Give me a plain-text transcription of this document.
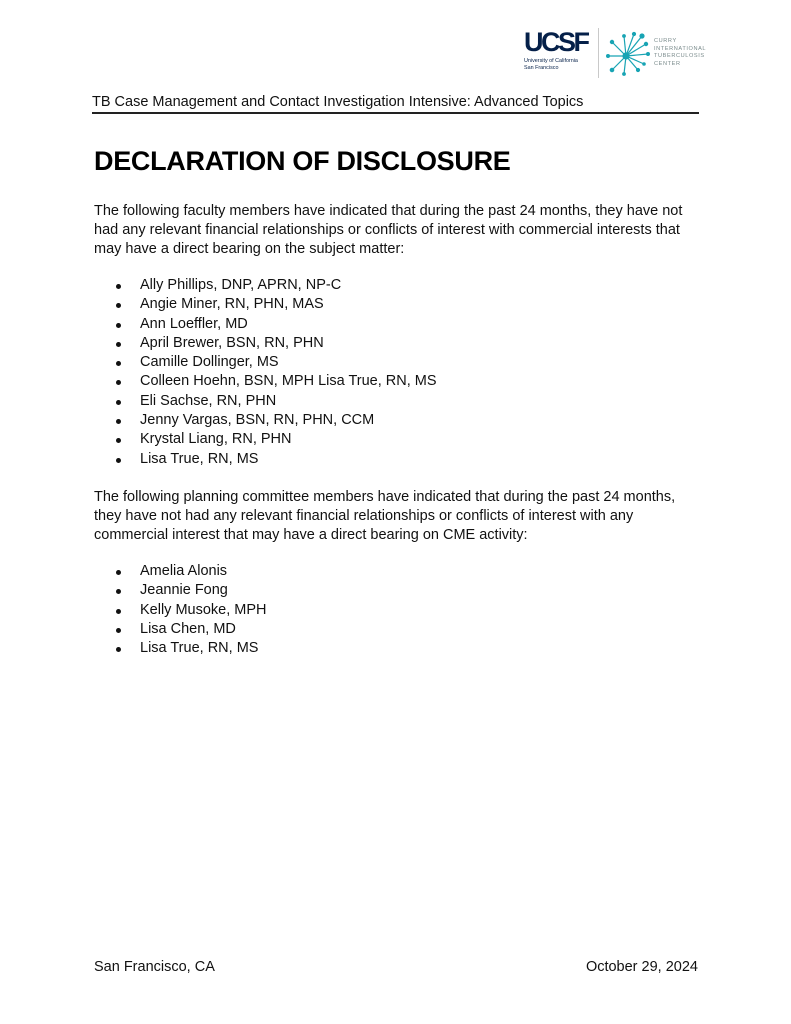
UCSF
University of California
San Francisco
CURRY
INTERNATIONAL
TUBERCULOSIS
CENTER
TB Case Management and Contact Investigation Intensive: Advanced Topics
DECLARATION OF DISCLOSURE

The following faculty members have indicated that during the past 24 months, they have not had any relevant financial relationships or conflicts of interest with commercial interests that may have a direct bearing on the subject matter:

Ally Phillips, DNP, APRN, NP-C
Angie Miner, RN, PHN, MAS
Ann Loeffler, MD
April Brewer, BSN, RN, PHN
Camille Dollinger, MS
Colleen Hoehn, BSN, MPH Lisa True, RN, MS
Eli Sachse, RN, PHN
Jenny Vargas, BSN, RN, PHN, CCM
Krystal Liang, RN, PHN
Lisa True, RN, MS

The following planning committee members have indicated that during the past 24 months, they have not had any relevant financial relationships or conflicts of interest with any commercial interest that may have a direct bearing on CME activity:

Amelia Alonis
Jeannie Fong
Kelly Musoke, MPH
Lisa Chen, MD
Lisa True, RN, MS
San Francisco, CA	October 29, 2024
